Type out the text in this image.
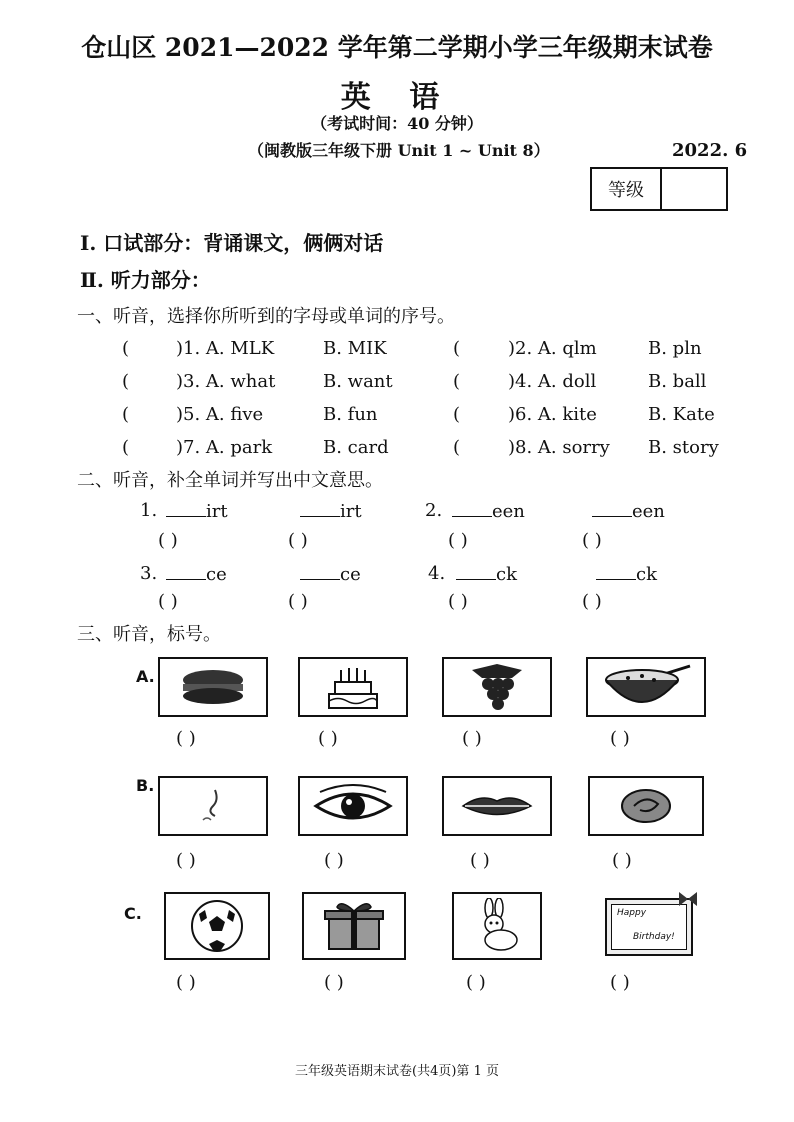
仓山区 2021—2022 学年第二学期小学三年级期末试卷
英 语
（考试时间：40 分钟）
（闽教版三年级下册 Unit 1 ~ Unit 8）	2022. 6
等级
Ⅰ. 口试部分：背诵课文，俩俩对话
Ⅱ. 听力部分：
一、听音，选择你所听到的字母或单词的序号。
(	)1. A. MLK	B. MIK	(	)2. A. qlm	B. pln
(	)3. A. what	B. want	(	)4. A. doll	B. ball
(	)5. A. five	B. fun	(	)6. A. kite	B. Kate
(	)7. A. park	B. card	(	)8. A. sorry B. story
二、听音，补全单词并写出中文意思。
1.	irt	irt	2.	een	een
( )	( )	( )	( )
3.	ce	ce	4.	ck	ck
( )	( )	( )	( )
三、听音，标号。
A.
( )	( )	( )	( )
B.
( )	( )	( )	( )
C.	Happy
Birthday!
( )	( )	( )	( )
三年级英语期末试卷(共4页)第 1 页
